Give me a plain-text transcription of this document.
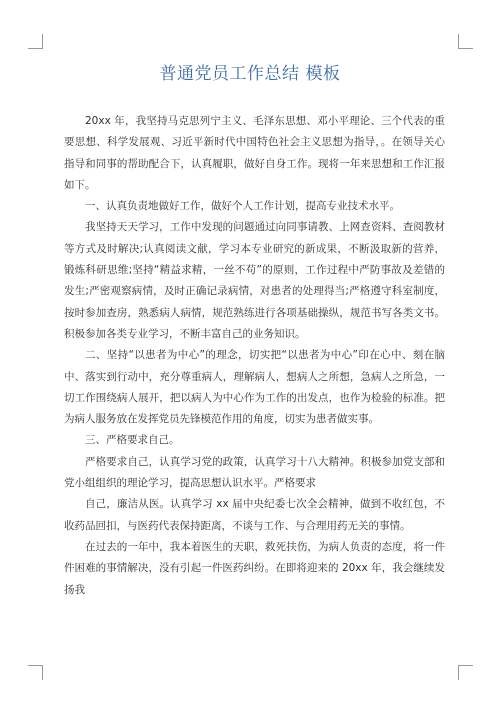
普通党员工作总结 模板

20xx 年，我坚持马克思列宁主义、毛泽东思想、邓小平理论、三个代表的重要思想、科学发展观、习近平新时代中国特色社会主义思想为指导，。在领导关心指导和同事的帮助配合下，认真履职，做好自身工作。现将一年来思想和工作汇报如下。

一、认真负责地做好工作，做好个人工作计划，提高专业技术水平。

我坚持天天学习，工作中发现的问题通过向同事请教、上网查资料、查阅教材等方式及时解决;认真阅读文献，学习本专业研究的新成果，不断汲取新的营养，锻炼科研思维;坚持“精益求精，一丝不苟”的原则，工作过程中严防事故及差错的发生;严密观察病情，及时正确记录病情，对患者的处理得当;严格遵守科室制度，按时参加查房，熟悉病人病情，规范熟练进行各项基础操纵，规范书写各类文书。积极参加各类专业学习，不断丰富自己的业务知识。

二、坚持“以患者为中心”的理念，切实把“以患者为中心”印在心中、刻在脑中、落实到行动中，充分尊重病人，理解病人，想病人之所想，急病人之所急，一切工作围绕病人展开，把以病人为中心作为工作的出发点，也作为检验的标准。把为病人服务放在发挥党员先锋模范作用的角度，切实为患者做实事。

三、严格要求自己。

严格要求自己，认真学习党的政策，认真学习十八大精神。积极参加党支部和党小组组织的理论学习，提高思想认识水平。严格要求

自己，廉洁从医。认真学习 xx 届中央纪委七次全会精神，做到不收红包，不收药品回扣，与医药代表保持距离，不谈与工作、与合理用药无关的事情。

在过去的一年中，我本着医生的天职，救死扶伤，为病人负责的态度，将一件件困难的事情解决，没有引起一件医药纠纷。在即将迎来的 20xx 年，我会继续发扬我
